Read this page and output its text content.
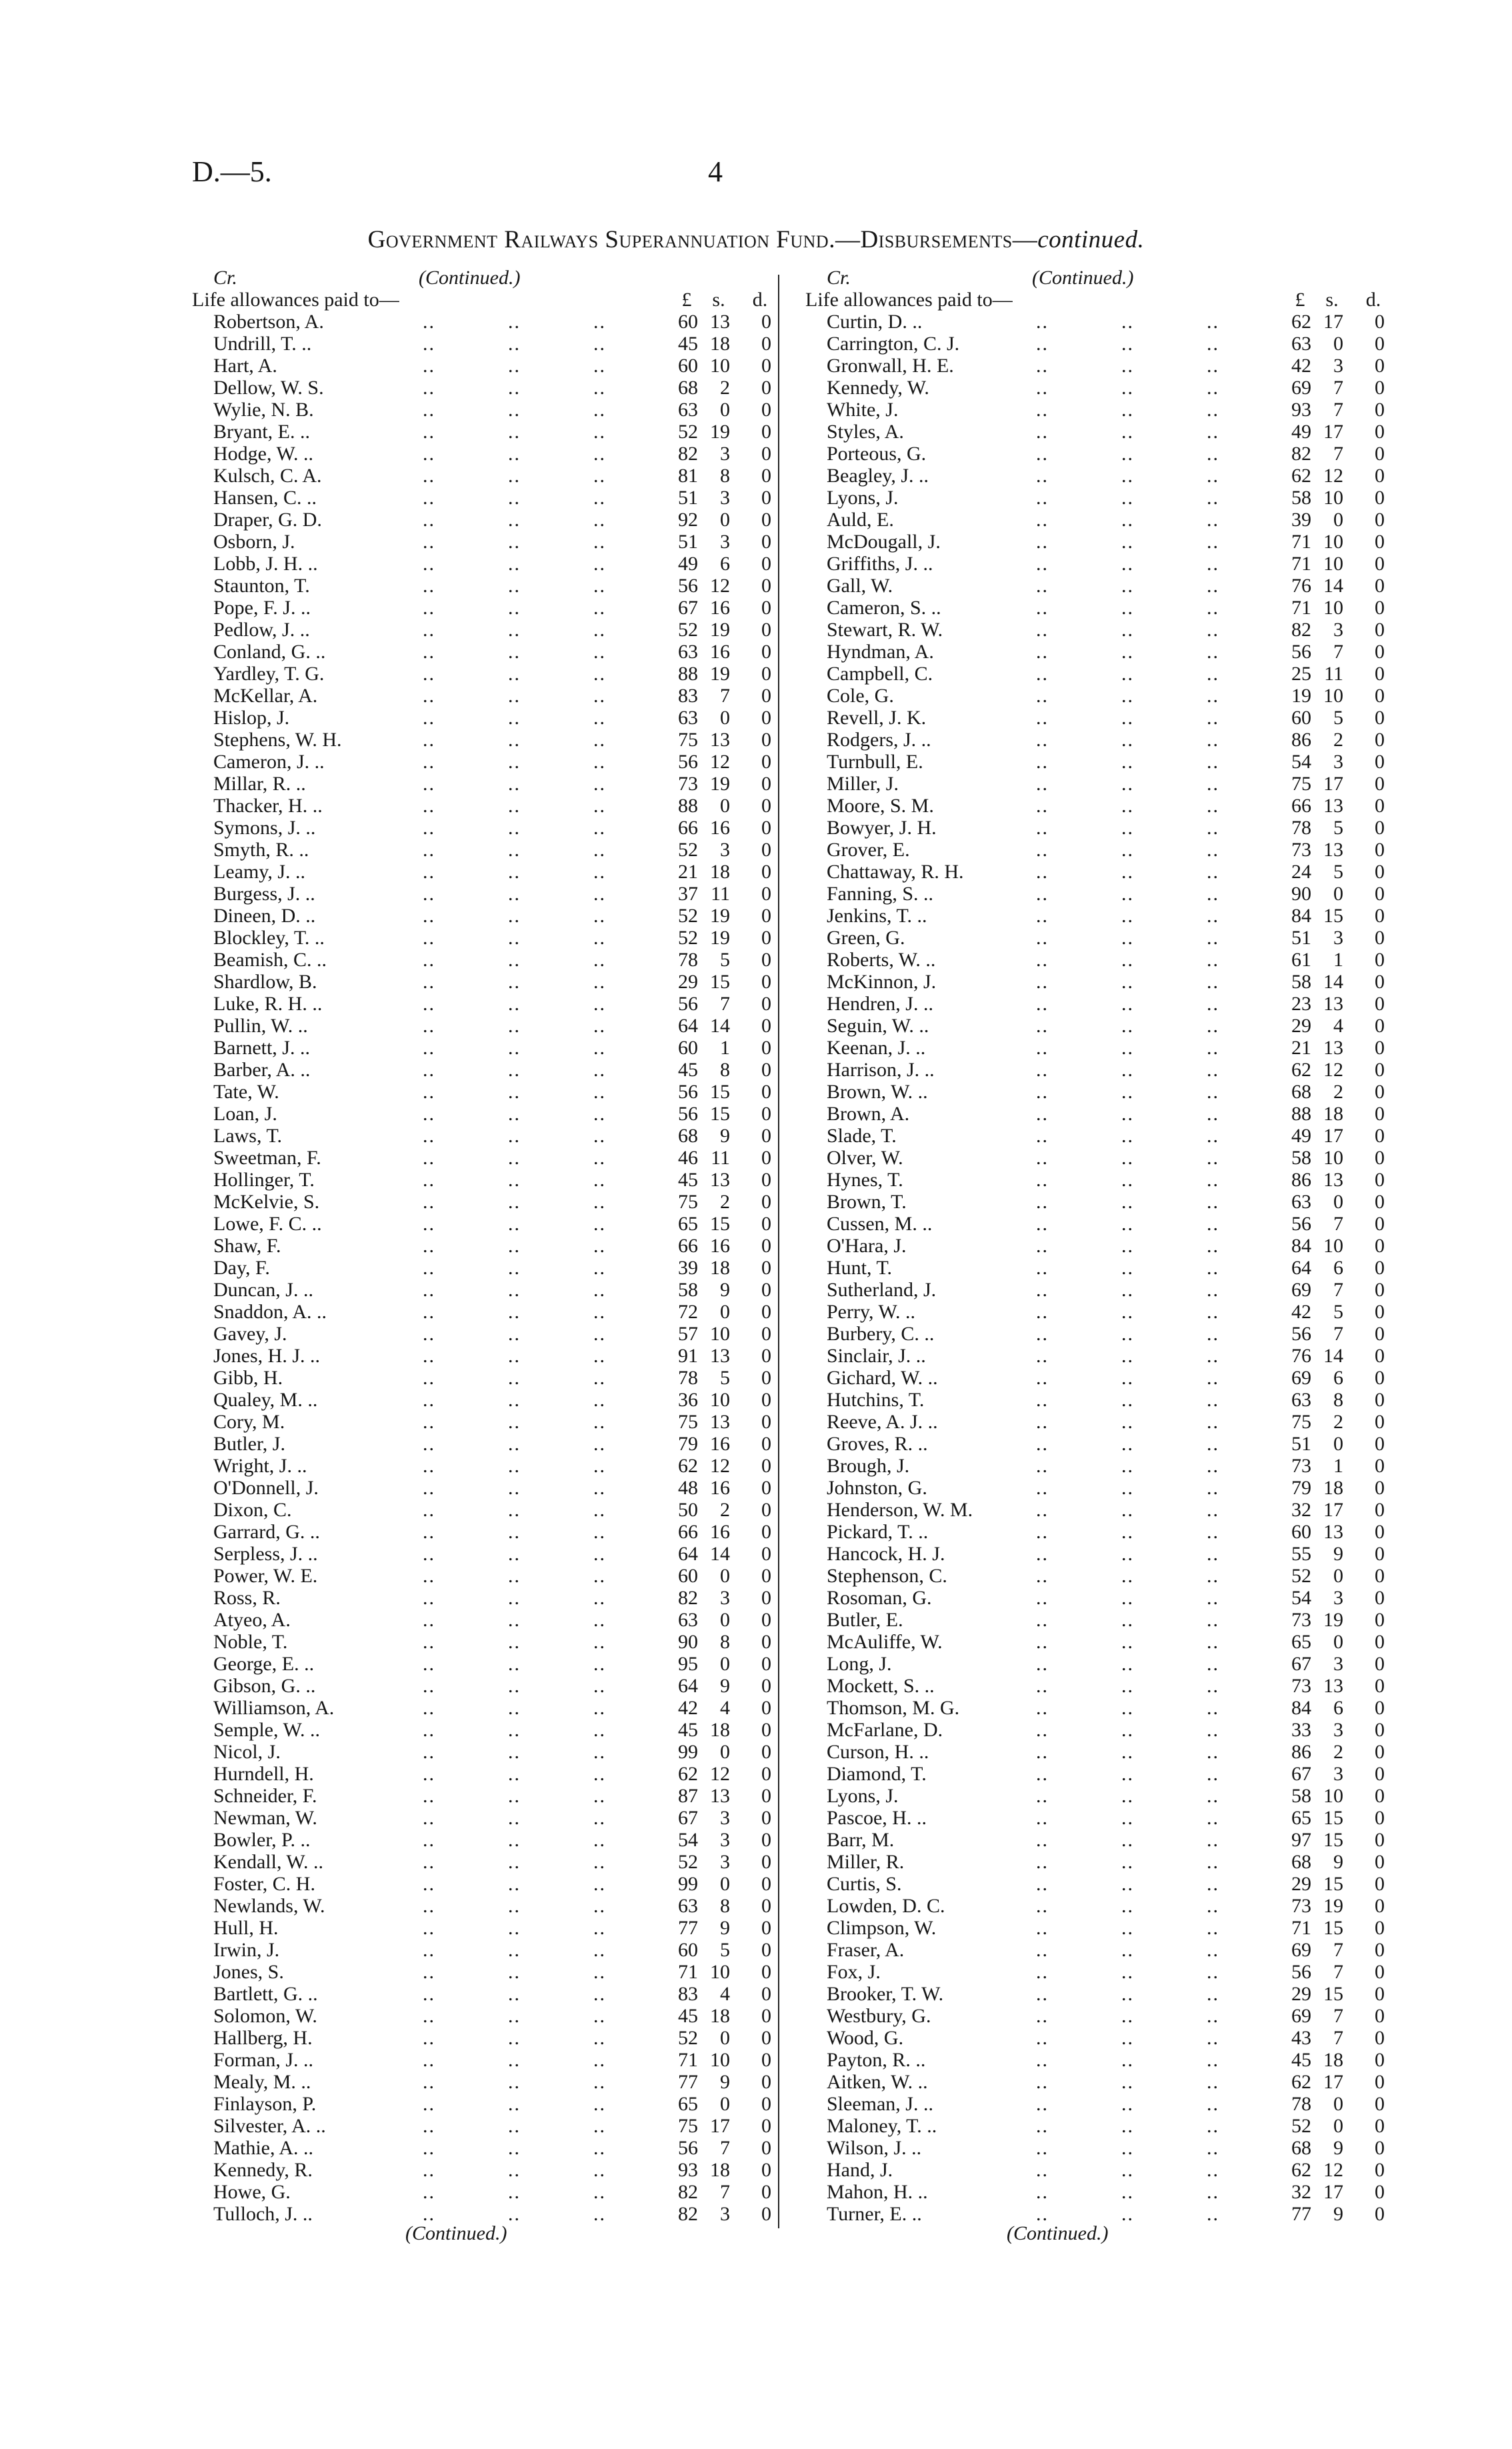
D.—5.	4
Government Railways Superannuation Fund.—Disbursements—continued.
Cr.	(Continued.)
Life allowances paid to—	£	s. d.
Robertson, A.	..	..	..	60 13	0
Undrill, T. ..	..	..	..	45 18	0
Hart, A.	..	..	..	60 10	0
Dellow, W. S.	..	..	..	68	2	0
Wylie, N. B.	..	..	..	63	0	0
Bryant, E. ..	..	..	..	52 19	0
Hodge, W. ..	..	..	..	82	3	0
Kulsch, C. A.	..	..	..	81	8	0
Hansen, C. ..	..	..	..	51	3	0
Draper, G. D.	..	..	..	92	0	0
Osborn, J.	..	..	..	51	3	0
Lobb, J. H. ..	..	..	..	49	6	0
Staunton, T.	..	..	..	56 12	0
Pope, F. J. ..	..	..	..	67 16	0
Pedlow, J. ..	..	..	..	52 19	0
Conland, G. ..	..	..	..	63 16	0
Yardley, T. G.	..	..	..	88 19	0
McKellar, A.	..	..	..	83	7	0
Hislop, J.	..	..	..	63	0	0
Stephens, W. H.	..	..	..	75 13	0
Cameron, J. ..	..	..	..	56 12	0
Millar, R. ..	..	..	..	73 19	0
Thacker, H. ..	..	..	..	88	0	0
Symons, J. ..	..	..	..	66 16	0
Smyth, R. ..	..	..	..	52	3	0
Leamy, J. ..	..	..	..	21 18	0
Burgess, J. ..	..	..	..	37 11	0
Dineen, D. ..	..	..	..	52 19	0
Blockley, T. ..	..	..	..	52 19	0
Beamish, C. ..	..	..	..	78	5	0
Shardlow, B.	..	..	..	29 15	0
Luke, R. H. ..	..	..	..	56	7	0
Pullin, W. ..	..	..	..	64 14	0
Barnett, J. ..	..	..	..	60	1	0
Barber, A. ..	..	..	..	45	8	0
Tate, W.	..	..	..	56 15	0
Loan, J.	..	..	..	56 15	0
Laws, T.	..	..	..	68	9	0
Sweetman, F.	..	..	..	46 11	0
Hollinger, T.	..	..	..	45 13	0
McKelvie, S.	..	..	..	75	2	0
Lowe, F. C. ..	..	..	..	65 15	0
Shaw, F.	..	..	..	66 16	0
Day, F.	..	..	..	39 18	0
Duncan, J. ..	..	..	..	58	9	0
Snaddon, A. ..	..	..	..	72	0	0
Gavey, J.	..	..	..	57 10	0
Jones, H. J. ..	..	..	..	91 13	0
Gibb, H.	..	..	..	78	5	0
Qualey, M. ..	..	..	..	36 10	0
Cory, M.	..	..	..	75 13	0
Butler, J.	..	..	..	79 16	0
Wright, J. ..	..	..	..	62 12	0
O'Donnell, J.	..	..	..	48 16	0
Dixon, C.	..	..	..	50	2	0
Garrard, G. ..	..	..	..	66 16	0
Serpless, J. ..	..	..	..	64 14	0
Power, W. E.	..	..	..	60	0	0
Ross, R.	..	..	..	82	3	0
Atyeo, A.	..	..	..	63	0	0
Noble, T.	..	..	..	90	8	0
George, E. ..	..	..	..	95	0	0
Gibson, G. ..	..	..	..	64	9	0
Williamson, A.	..	..	..	42	4	0
Semple, W. ..	..	..	..	45 18	0
Nicol, J.	..	..	..	99	0	0
Hurndell, H.	..	..	..	62 12	0
Schneider, F.	..	..	..	87 13	0
Newman, W.	..	..	..	67	3	0
Bowler, P. ..	..	..	..	54	3	0
Kendall, W. ..	..	..	..	52	3	0
Foster, C. H.	..	..	..	99	0	0
Newlands, W.	..	..	..	63	8	0
Hull, H.	..	..	..	77	9	0
Irwin, J.	..	..	..	60	5	0
Jones, S.	..	..	..	71 10	0
Bartlett, G. ..	..	..	..	83	4	0
Solomon, W.	..	..	..	45 18	0
Hallberg, H.	..	..	..	52	0	0
Forman, J. ..	..	..	..	71 10	0
Mealy, M. ..	..	..	..	77	9	0
Finlayson, P.	..	..	..	65	0	0
Silvester, A. ..	..	..	..	75 17	0
Mathie, A. ..	..	..	..	56	7	0
Kennedy, R.	..	..	..	93 18	0
Howe, G.	..	..	..	82	7	0
Tulloch, J. ..	..	..	..	82	3	0
Cr.	(Continued.)
Life allowances paid to—	£	s. d.
Curtin, D. ..	..	..	..	62 17	0
Carrington, C. J.	..	..	..	63	0	0
Gronwall, H. E.	..	..	..	42	3	0
Kennedy, W.	..	..	..	69	7	0
White, J.	..	..	..	93	7	0
Styles, A.	..	..	..	49 17	0
Porteous, G.	..	..	..	82	7	0
Beagley, J. ..	..	..	..	62 12	0
Lyons, J.	..	..	..	58 10	0
Auld, E.	..	..	..	39	0	0
McDougall, J.	..	..	..	71 10	0
Griffiths, J. ..	..	..	..	71 10	0
Gall, W.	..	..	..	76 14	0
Cameron, S. ..	..	..	..	71 10	0
Stewart, R. W.	..	..	..	82	3	0
Hyndman, A.	..	..	..	56	7	0
Campbell, C.	..	..	..	25 11	0
Cole, G.	..	..	..	19 10	0
Revell, J. K.	..	..	..	60	5	0
Rodgers, J. ..	..	..	..	86	2	0
Turnbull, E.	..	..	..	54	3	0
Miller, J.	..	..	..	75 17	0
Moore, S. M.	..	..	..	66 13	0
Bowyer, J. H.	..	..	..	78	5	0
Grover, E.	..	..	..	73 13	0
Chattaway, R. H.	..	..	..	24	5	0
Fanning, S. ..	..	..	..	90	0	0
Jenkins, T. ..	..	..	..	84 15	0
Green, G.	..	..	..	51	3	0
Roberts, W. ..	..	..	..	61	1	0
McKinnon, J.	..	..	..	58 14	0
Hendren, J. ..	..	..	..	23 13	0
Seguin, W. ..	..	..	..	29	4	0
Keenan, J. ..	..	..	..	21 13	0
Harrison, J. ..	..	..	..	62 12	0
Brown, W. ..	..	..	..	68	2	0
Brown, A.	..	..	..	88 18	0
Slade, T.	..	..	..	49 17	0
Olver, W.	..	..	..	58 10	0
Hynes, T.	..	..	..	86 13	0
Brown, T.	..	..	..	63	0	0
Cussen, M. ..	..	..	..	56	7	0
O'Hara, J.	..	..	..	84 10	0
Hunt, T.	..	..	..	64	6	0
Sutherland, J.	..	..	..	69	7	0
Perry, W. ..	..	..	..	42	5	0
Burbery, C. ..	..	..	..	56	7	0
Sinclair, J. ..	..	..	..	76 14	0
Gichard, W. ..	..	..	..	69	6	0
Hutchins, T.	..	..	..	63	8	0
Reeve, A. J. ..	..	..	..	75	2	0
Groves, R. ..	..	..	..	51	0	0
Brough, J.	..	..	..	73	1	0
Johnston, G.	..	..	..	79 18	0
Henderson, W. M.	..	..	..	32 17	0
Pickard, T. ..	..	..	..	60 13	0
Hancock, H. J.	..	..	..	55	9	0
Stephenson, C.	..	..	..	52	0	0
Rosoman, G.	..	..	..	54	3	0
Butler, E.	..	..	..	73 19	0
McAuliffe, W.	..	..	..	65	0	0
Long, J.	..	..	..	67	3	0
Mockett, S. ..	..	..	..	73 13	0
Thomson, M. G.	..	..	..	84	6	0
McFarlane, D.	..	..	..	33	3	0
Curson, H. ..	..	..	..	86	2	0
Diamond, T.	..	..	..	67	3	0
Lyons, J.	..	..	..	58 10	0
Pascoe, H. ..	..	..	..	65 15	0
Barr, M.	..	..	..	97 15	0
Miller, R.	..	..	..	68	9	0
Curtis, S.	..	..	..	29 15	0
Lowden, D. C.	..	..	..	73 19	0
Climpson, W.	..	..	..	71 15	0
Fraser, A.	..	..	..	69	7	0
Fox, J.	..	..	..	56	7	0
Brooker, T. W.	..	..	..	29 15	0
Westbury, G.	..	..	..	69	7	0
Wood, G.	..	..	..	43	7	0
Payton, R. ..	..	..	..	45 18	0
Aitken, W. ..	..	..	..	62 17	0
Sleeman, J. ..	..	..	..	78	0	0
Maloney, T. ..	..	..	..	52	0	0
Wilson, J. ..	..	..	..	68	9	0
Hand, J.	..	..	..	62 12	0
Mahon, H. ..	..	..	..	32 17	0
Turner, E. ..	..	..	..	77	9	0
(Continued.)	(Continued.)
